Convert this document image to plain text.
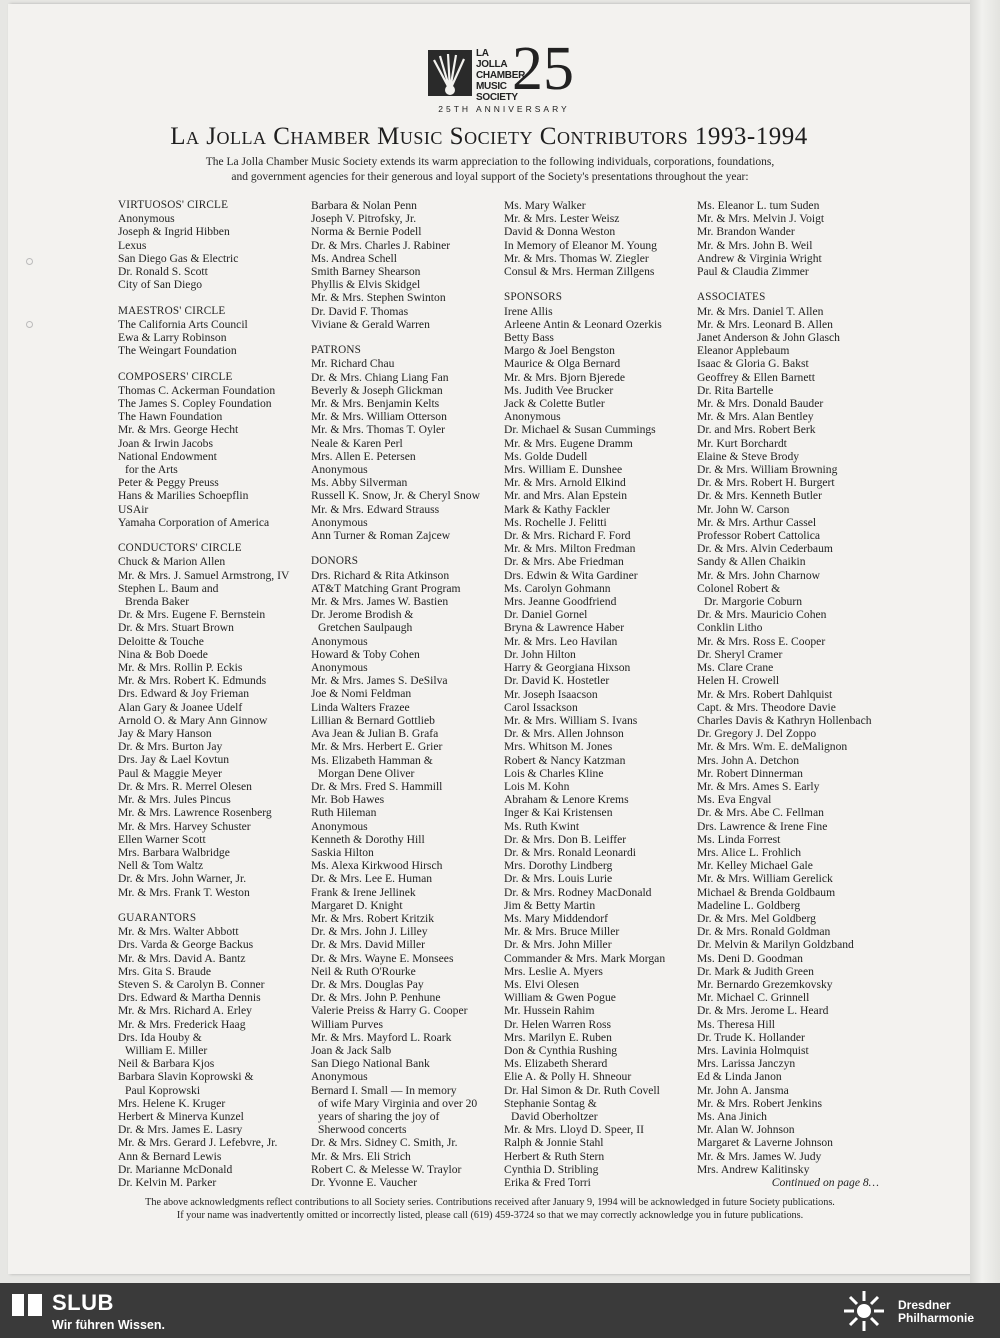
LA JOLLA
CHAMBER
MUSIC
SOCIETY
25
25TH ANNIVERSARY
La Jolla Chamber Music Society Contributors 1993-1994
The La Jolla Chamber Music Society extends its warm appreciation to the following individuals, corporations, foundations,
and government agencies for their generous and loyal support of the Society's presentations throughout the year:
VIRTUOSOS' CIRCLE
Anonymous
Joseph & Ingrid Hibben
Lexus
San Diego Gas & Electric
Dr. Ronald S. Scott
City of San Diego
MAESTROS' CIRCLE
The California Arts Council
Ewa & Larry Robinson
The Weingart Foundation
COMPOSERS' CIRCLE
Thomas C. Ackerman Foundation
The James S. Copley Foundation
The Hawn Foundation
Mr. & Mrs. George Hecht
Joan & Irwin Jacobs
National Endowment
for the Arts
Peter & Peggy Preuss
Hans & Marilies Schoepflin
USAir
Yamaha Corporation of America
CONDUCTORS' CIRCLE
Chuck & Marion Allen
Mr. & Mrs. J. Samuel Armstrong, IV
Stephen L. Baum and
Brenda Baker
Dr. & Mrs. Eugene F. Bernstein
Dr. & Mrs. Stuart Brown
Deloitte & Touche
Nina & Bob Doede
Mr. & Mrs. Rollin P. Eckis
Mr. & Mrs. Robert K. Edmunds
Drs. Edward & Joy Frieman
Alan Gary & Joanee Udelf
Arnold O. & Mary Ann Ginnow
Jay & Mary Hanson
Dr. & Mrs. Burton Jay
Drs. Jay & Lael Kovtun
Paul & Maggie Meyer
Dr. & Mrs. R. Merrel Olesen
Mr. & Mrs. Jules Pincus
Mr. & Mrs. Lawrence Rosenberg
Mr. & Mrs. Harvey Schuster
Ellen Warner Scott
Mrs. Barbara Walbridge
Nell & Tom Waltz
Dr. & Mrs. John Warner, Jr.
Mr. & Mrs. Frank T. Weston
GUARANTORS
Mr. & Mrs. Walter Abbott
Drs. Varda & George Backus
Mr. & Mrs. David A. Bantz
Mrs. Gita S. Braude
Steven S. & Carolyn B. Conner
Drs. Edward & Martha Dennis
Mr. & Mrs. Richard A. Erley
Mr. & Mrs. Frederick Haag
Drs. Ida Houby &
William E. Miller
Neil & Barbara Kjos
Barbara Slavin Koprowski &
Paul Koprowski
Mrs. Helene K. Kruger
Herbert & Minerva Kunzel
Dr. & Mrs. James E. Lasry
Mr. & Mrs. Gerard J. Lefebvre, Jr.
Ann & Bernard Lewis
Dr. Marianne McDonald
Dr. Kelvin M. Parker
Barbara & Nolan Penn
Joseph V. Pitrofsky, Jr.
Norma & Bernie Podell
Dr. & Mrs. Charles J. Rabiner
Ms. Andrea Schell
Smith Barney Shearson
Phyllis & Elvis Skidgel
Mr. & Mrs. Stephen Swinton
Dr. David F. Thomas
Viviane & Gerald Warren
PATRONS
Mr. Richard Chau
Dr. & Mrs. Chiang Liang Fan
Beverly & Joseph Glickman
Mr. & Mrs. Benjamin Kelts
Mr. & Mrs. William Otterson
Mr. & Mrs. Thomas T. Oyler
Neale & Karen Perl
Mrs. Allen E. Petersen
Anonymous
Ms. Abby Silverman
Russell K. Snow, Jr. & Cheryl Snow
Mr. & Mrs. Edward Strauss
Anonymous
Ann Turner & Roman Zajcew
DONORS
Drs. Richard & Rita Atkinson
AT&T Matching Grant Program
Mr. & Mrs. James W. Bastien
Dr. Jerome Brodish &
Gretchen Saulpaugh
Anonymous
Howard & Toby Cohen
Anonymous
Mr. & Mrs. James S. DeSilva
Joe & Nomi Feldman
Linda Walters Frazee
Lillian & Bernard Gottlieb
Ava Jean & Julian B. Grafa
Mr. & Mrs. Herbert E. Grier
Ms. Elizabeth Hamman &
Morgan Dene Oliver
Dr. & Mrs. Fred S. Hammill
Mr. Bob Hawes
Ruth Hileman
Anonymous
Kenneth & Dorothy Hill
Saskia Hilton
Ms. Alexa Kirkwood Hirsch
Dr. & Mrs. Lee E. Human
Frank & Irene Jellinek
Margaret D. Knight
Mr. & Mrs. Robert Kritzik
Dr. & Mrs. John J. Lilley
Dr. & Mrs. David Miller
Dr. & Mrs. Wayne E. Monsees
Neil & Ruth O'Rourke
Dr. & Mrs. Douglas Pay
Dr. & Mrs. John P. Penhune
Valerie Preiss & Harry G. Cooper
William Purves
Mr. & Mrs. Mayford L. Roark
Joan & Jack Salb
San Diego National Bank
Anonymous
Bernard I. Small — In memory
of wife Mary Virginia and over 20
years of sharing the joy of
Sherwood concerts
Dr. & Mrs. Sidney C. Smith, Jr.
Mr. & Mrs. Eli Strich
Robert C. & Melesse W. Traylor
Dr. Yvonne E. Vaucher
Ms. Mary Walker
Mr. & Mrs. Lester Weisz
David & Donna Weston
In Memory of Eleanor M. Young
Mr. & Mrs. Thomas W. Ziegler
Consul & Mrs. Herman Zillgens
SPONSORS
Irene Allis
Arleene Antin & Leonard Ozerkis
Betty Bass
Margo & Joel Bengston
Maurice & Olga Bernard
Mr. & Mrs. Bjorn Bjerede
Ms. Judith Vee Brucker
Jack & Colette Butler
Anonymous
Dr. Michael & Susan Cummings
Mr. & Mrs. Eugene Dramm
Ms. Golde Dudell
Mrs. William E. Dunshee
Mr. & Mrs. Arnold Elkind
Mr. and Mrs. Alan Epstein
Mark & Kathy Fackler
Ms. Rochelle J. Felitti
Dr. & Mrs. Richard F. Ford
Mr. & Mrs. Milton Fredman
Dr. & Mrs. Abe Friedman
Drs. Edwin & Wita Gardiner
Ms. Carolyn Gohmann
Mrs. Jeanne Goodfriend
Dr. Daniel Gornel
Bryna & Lawrence Haber
Mr. & Mrs. Leo Havilan
Dr. John Hilton
Harry & Georgiana Hixson
Dr. David K. Hostetler
Mr. Joseph Isaacson
Carol Issackson
Mr. & Mrs. William S. Ivans
Dr. & Mrs. Allen Johnson
Mrs. Whitson M. Jones
Robert & Nancy Katzman
Lois & Charles Kline
Lois M. Kohn
Abraham & Lenore Krems
Inger & Kai Kristensen
Ms. Ruth Kwint
Dr. & Mrs. Don B. Leiffer
Dr. & Mrs. Ronald Leonardi
Mrs. Dorothy Lindberg
Dr. & Mrs. Louis Lurie
Dr. & Mrs. Rodney MacDonald
Jim & Betty Martin
Ms. Mary Middendorf
Mr. & Mrs. Bruce Miller
Dr. & Mrs. John Miller
Commander & Mrs. Mark Morgan
Mrs. Leslie A. Myers
Ms. Elvi Olesen
William & Gwen Pogue
Mr. Hussein Rahim
Dr. Helen Warren Ross
Mrs. Marilyn E. Ruben
Don & Cynthia Rushing
Ms. Elizabeth Sherard
Elie A. & Polly H. Shneour
Dr. Hal Simon & Dr. Ruth Covell
Stephanie Sontag &
David Oberholtzer
Mr. & Mrs. Lloyd D. Speer, II
Ralph & Jonnie Stahl
Herbert & Ruth Stern
Cynthia D. Stribling
Erika & Fred Torri
Ms. Eleanor L. tum Suden
Mr. & Mrs. Melvin J. Voigt
Mr. Brandon Wander
Mr. & Mrs. John B. Weil
Andrew & Virginia Wright
Paul & Claudia Zimmer
ASSOCIATES
Mr. & Mrs. Daniel T. Allen
Mr. & Mrs. Leonard B. Allen
Janet Anderson & John Glasch
Eleanor Applebaum
Isaac & Gloria G. Bakst
Geoffrey & Ellen Barnett
Dr. Rita Bartelle
Mr. & Mrs. Donald Bauder
Mr. & Mrs. Alan Bentley
Dr. and Mrs. Robert Berk
Mr. Kurt Borchardt
Elaine & Steve Brody
Dr. & Mrs. William Browning
Dr. & Mrs. Robert H. Burgert
Dr. & Mrs. Kenneth Butler
Mr. John W. Carson
Mr. & Mrs. Arthur Cassel
Professor Robert Cattolica
Dr. & Mrs. Alvin Cederbaum
Sandy & Allen Chaikin
Mr. & Mrs. John Charnow
Colonel Robert &
Dr. Margorie Coburn
Dr. & Mrs. Mauricio Cohen
Conklin Litho
Mr. & Mrs. Ross E. Cooper
Dr. Sheryl Cramer
Ms. Clare Crane
Helen H. Crowell
Mr. & Mrs. Robert Dahlquist
Capt. & Mrs. Theodore Davie
Charles Davis & Kathryn Hollenbach
Dr. Gregory J. Del Zoppo
Mr. & Mrs. Wm. E. deMalignon
Mrs. John A. Detchon
Mr. Robert Dinnerman
Mr. & Mrs. Ames S. Early
Ms. Eva Engval
Dr. & Mrs. Abe C. Fellman
Drs. Lawrence & Irene Fine
Ms. Linda Forrest
Mrs. Alice L. Frohlich
Mr. Kelley Michael Gale
Mr. & Mrs. William Gerelick
Michael & Brenda Goldbaum
Madeline L. Goldberg
Dr. & Mrs. Mel Goldberg
Dr. & Mrs. Ronald Goldman
Dr. Melvin & Marilyn Goldzband
Ms. Deni D. Goodman
Dr. Mark & Judith Green
Mr. Bernardo Grezemkovsky
Mr. Michael C. Grinnell
Dr. & Mrs. Jerome L. Heard
Ms. Theresa Hill
Dr. Trude K. Hollander
Mrs. Lavinia Holmquist
Mrs. Larissa Janczyn
Ed & Linda Janon
Mr. John A. Jansma
Mr. & Mrs. Robert Jenkins
Ms. Ana Jinich
Mr. Alan W. Johnson
Margaret & Laverne Johnson
Mr. & Mrs. James W. Judy
Mrs. Andrew Kalitinsky
Continued on page 8…
The above acknowledgments reflect contributions to all Society series. Contributions received after January 9, 1994 will be acknowledged in future Society publications.
If your name was inadvertently omitted or incorrectly listed, please call (619) 459-3724 so that we may correctly acknowledge you in future publications.
SLUB
Wir führen Wissen.
Dresdner
Philharmonie
